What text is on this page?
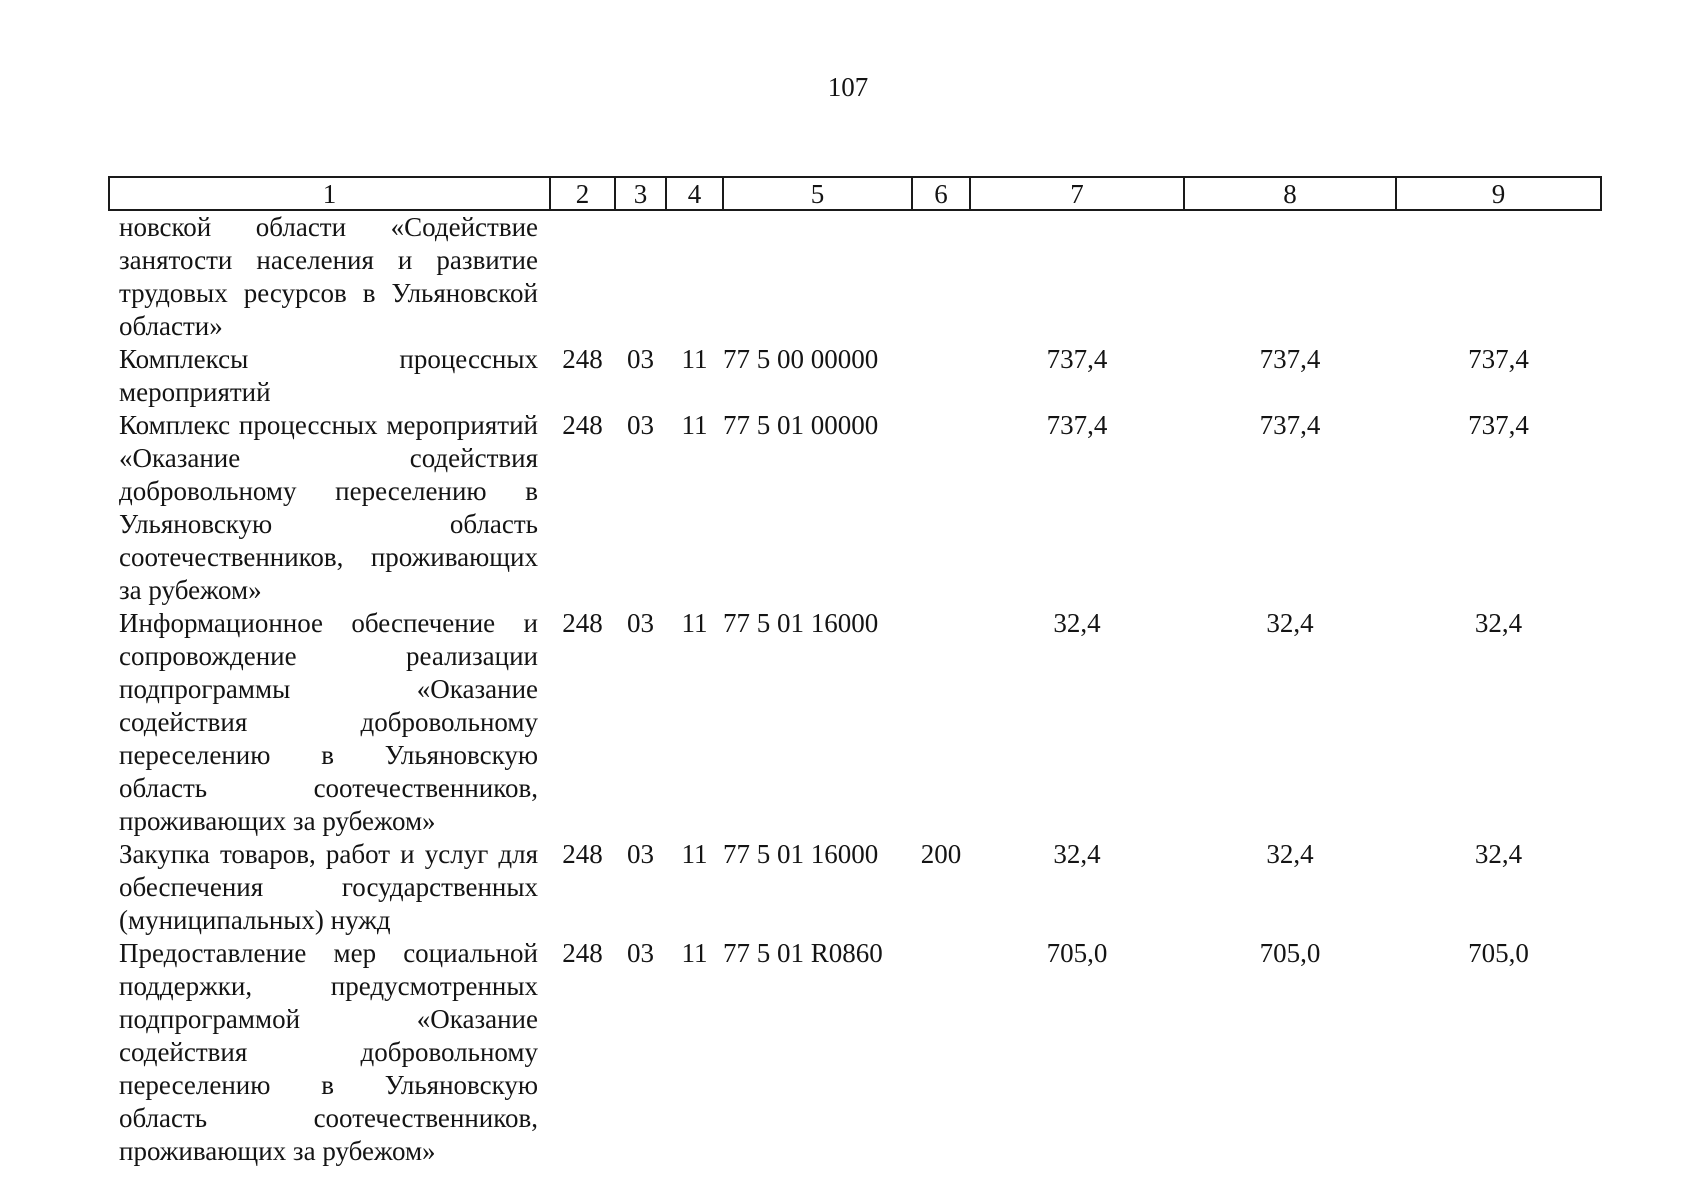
107
1	2	3	4	5	6	7	8	9
новской области «Содействие занятости населения и развитие трудовых ресурсов в Ульяновской области»								
Комплексы процессных мероприятий	248	03	11	77 5 00 00000		737,4	737,4	737,4
Комплекс процессных мероприятий «Оказание содействия добровольному переселению в Ульяновскую область соотечественников, проживающих за рубежом»	248	03	11	77 5 01 00000		737,4	737,4	737,4
Информационное обеспечение и сопровождение реализации подпрограммы «Оказание содействия добровольному переселению в Ульяновскую область соотечественников, проживающих за рубежом»	248	03	11	77 5 01 16000		32,4	32,4	32,4
Закупка товаров, работ и услуг для обеспечения государственных (муниципальных) нужд	248	03	11	77 5 01 16000	200	32,4	32,4	32,4
Предоставление мер социальной поддержки, предусмотренных подпрограммой «Оказание содействия добровольному переселению в Ульяновскую область соотечественников, проживающих за рубежом»	248	03	11	77 5 01 R0860		705,0	705,0	705,0
